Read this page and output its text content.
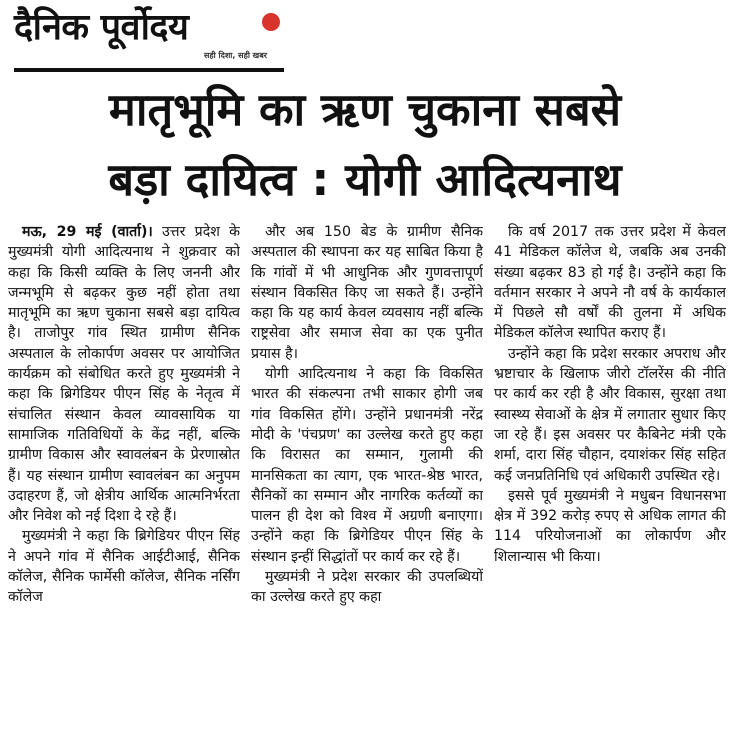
दैनिक पूर्वोदय
सही दिशा, सही खबर
मातृभूमि का ऋण चुकाना सबसे
बड़ा दायित्व : योगी आदित्यनाथ

मऊ, 29 मई (वार्ता)। उत्तर प्रदेश के मुख्यमंत्री योगी आदित्यनाथ ने शुक्रवार को कहा कि किसी व्यक्ति के लिए जननी और जन्मभूमि से बढ़कर कुछ नहीं होता तथा मातृभूमि का ऋण चुकाना सबसे बड़ा दायित्व है। ताजोपुर गांव स्थित ग्रामीण सैनिक अस्पताल के लोकार्पण अवसर पर आयोजित कार्यक्रम को संबोधित करते हुए मुख्यमंत्री ने कहा कि ब्रिगेडियर पीएन सिंह के नेतृत्व में संचालित संस्थान केवल व्यावसायिक या सामाजिक गतिविधियों के केंद्र नहीं, बल्कि ग्रामीण विकास और स्वावलंबन के प्रेरणास्रोत हैं। यह संस्थान ग्रामीण स्वावलंबन का अनुपम उदाहरण हैं, जो क्षेत्रीय आर्थिक आत्मनिर्भरता और निवेश को नई दिशा दे रहे हैं।

मुख्यमंत्री ने कहा कि ब्रिगेडियर पीएन सिंह ने अपने गांव में सैनिक आईटीआई, सैनिक कॉलेज, सैनिक फार्मेसी कॉलेज, सैनिक नर्सिंग कॉलेज

और अब 150 बेड के ग्रामीण सैनिक अस्पताल की स्थापना कर यह साबित किया है कि गांवों में भी आधुनिक और गुणवत्तापूर्ण संस्थान विकसित किए जा सकते हैं। उन्होंने कहा कि यह कार्य केवल व्यवसाय नहीं बल्कि राष्ट्रसेवा और समाज सेवा का एक पुनीत प्रयास है।

योगी आदित्यनाथ ने कहा कि विकसित भारत की संकल्पना तभी साकार होगी जब गांव विकसित होंगे। उन्होंने प्रधानमंत्री नरेंद्र मोदी के 'पंचप्रण' का उल्लेख करते हुए कहा कि विरासत का सम्मान, गुलामी की मानसिकता का त्याग, एक भारत-श्रेष्ठ भारत, सैनिकों का सम्मान और नागरिक कर्तव्यों का पालन ही देश को विश्व में अग्रणी बनाएगा। उन्होंने कहा कि ब्रिगेडियर पीएन सिंह के संस्थान इन्हीं सिद्धांतों पर कार्य कर रहे हैं।

मुख्यमंत्री ने प्रदेश सरकार की उपलब्धियों का उल्लेख करते हुए कहा

कि वर्ष 2017 तक उत्तर प्रदेश में केवल 41 मेडिकल कॉलेज थे, जबकि अब उनकी संख्या बढ़कर 83 हो गई है। उन्होंने कहा कि वर्तमान सरकार ने अपने नौ वर्ष के कार्यकाल में पिछले सौ वर्षों की तुलना में अधिक मेडिकल कॉलेज स्थापित कराए हैं।

उन्होंने कहा कि प्रदेश सरकार अपराध और भ्रष्टाचार के खिलाफ जीरो टॉलरेंस की नीति पर कार्य कर रही है और विकास, सुरक्षा तथा स्वास्थ्य सेवाओं के क्षेत्र में लगातार सुधार किए जा रहे हैं। इस अवसर पर कैबिनेट मंत्री एके शर्मा, दारा सिंह चौहान, दयाशंकर सिंह सहित कई जनप्रतिनिधि एवं अधिकारी उपस्थित रहे।

इससे पूर्व मुख्यमंत्री ने मधुबन विधानसभा क्षेत्र में 392 करोड़ रुपए से अधिक लागत की 114 परियोजनाओं का लोकार्पण और शिलान्यास भी किया।
